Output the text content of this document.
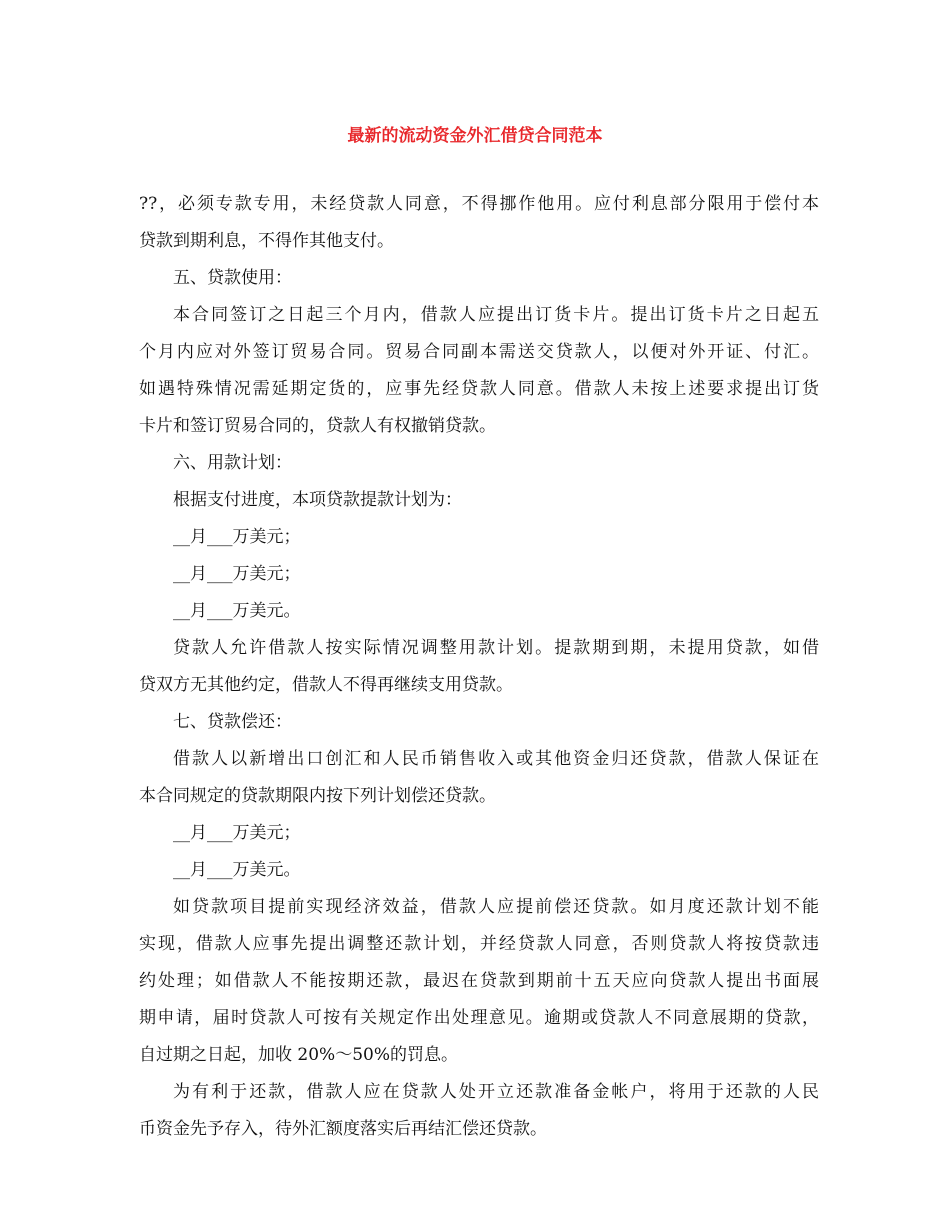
最新的流动资金外汇借贷合同范本

??，必须专款专用，未经贷款人同意，不得挪作他用。应付利息部分限用于偿付本

贷款到期利息，不得作其他支付。

五、贷款使用：

本合同签订之日起三个月内，借款人应提出订货卡片。提出订货卡片之日起五

个月内应对外签订贸易合同。贸易合同副本需送交贷款人，以便对外开证、付汇。

如遇特殊情况需延期定货的，应事先经贷款人同意。借款人未按上述要求提出订货

卡片和签订贸易合同的，贷款人有权撤销贷款。

六、用款计划：

根据支付进度，本项贷款提款计划为：

__月___万美元；

__月___万美元；

__月___万美元。

贷款人允许借款人按实际情况调整用款计划。提款期到期，未提用贷款，如借

贷双方无其他约定，借款人不得再继续支用贷款。

七、贷款偿还：

借款人以新增出口创汇和人民币销售收入或其他资金归还贷款，借款人保证在

本合同规定的贷款期限内按下列计划偿还贷款。

__月___万美元；

__月___万美元。

如贷款项目提前实现经济效益，借款人应提前偿还贷款。如月度还款计划不能

实现，借款人应事先提出调整还款计划，并经贷款人同意，否则贷款人将按贷款违

约处理；如借款人不能按期还款，最迟在贷款到期前十五天应向贷款人提出书面展

期申请，届时贷款人可按有关规定作出处理意见。逾期或贷款人不同意展期的贷款，

自过期之日起，加收 20%～50%的罚息。

为有利于还款，借款人应在贷款人处开立还款准备金帐户，将用于还款的人民

币资金先予存入，待外汇额度落实后再结汇偿还贷款。
